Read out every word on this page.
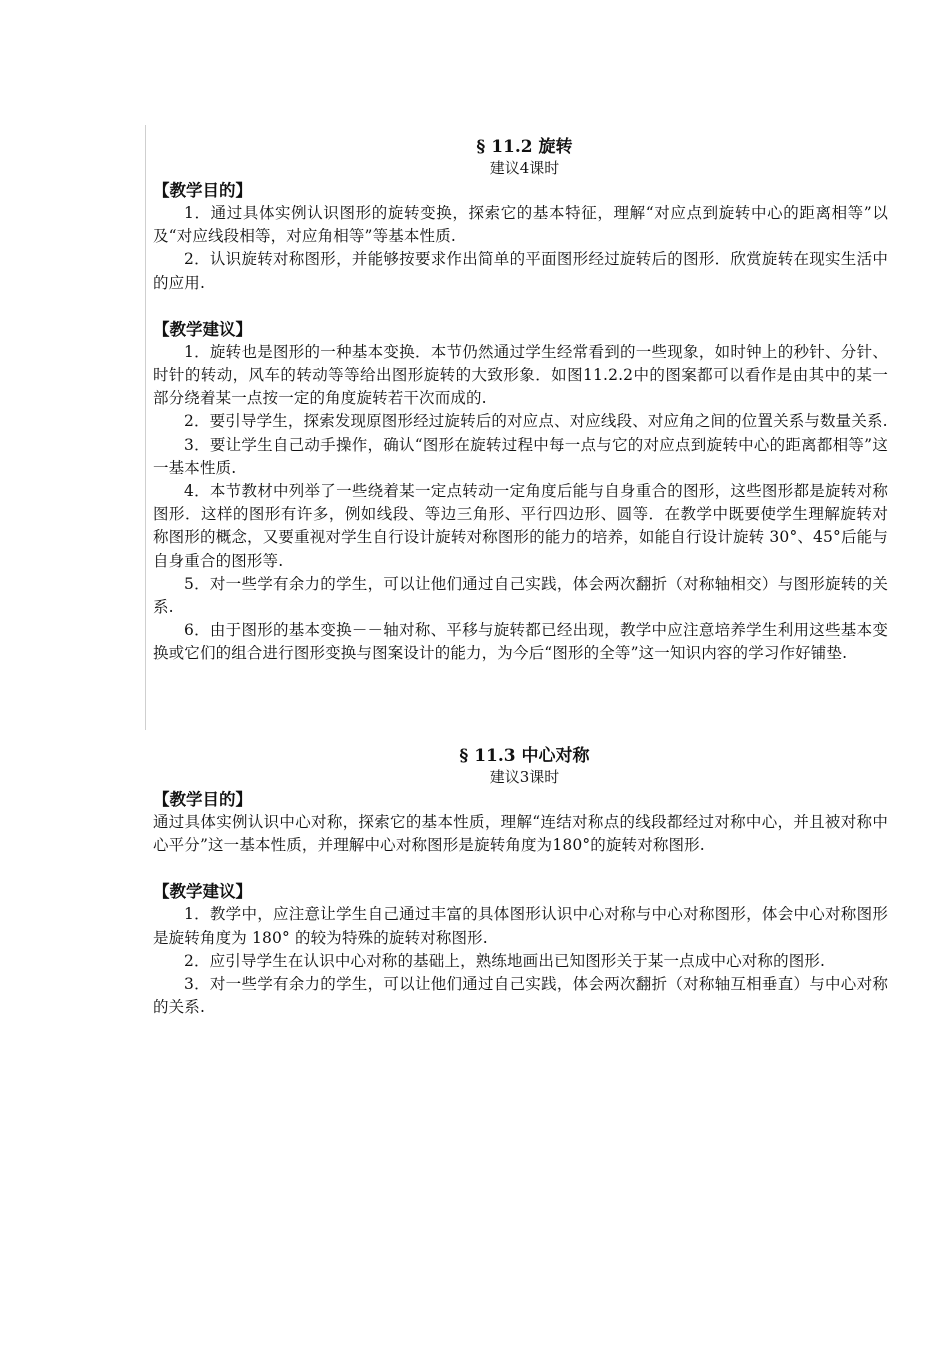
§ 11.2 旋转

建议4课时

【教学目的】

1．通过具体实例认识图形的旋转变换，探索它的基本特征，理解“对应点到旋转中心的距离相等”以及“对应线段相等，对应角相等”等基本性质.

2．认识旋转对称图形，并能够按要求作出简单的平面图形经过旋转后的图形．欣赏旋转在现实生活中的应用.

【教学建议】

1．旋转也是图形的一种基本变换．本节仍然通过学生经常看到的一些现象，如时钟上的秒针、分针、时针的转动，风车的转动等等给出图形旋转的大致形象．如图11.2.2中的图案都可以看作是由其中的某一部分绕着某一点按一定的角度旋转若干次而成的.

2．要引导学生，探索发现原图形经过旋转后的对应点、对应线段、对应角之间的位置关系与数量关系.

3．要让学生自己动手操作，确认“图形在旋转过程中每一点与它的对应点到旋转中心的距离都相等”这一基本性质.

4．本节教材中列举了一些绕着某一定点转动一定角度后能与自身重合的图形，这些图形都是旋转对称图形．这样的图形有许多，例如线段、等边三角形、平行四边形、圆等．在教学中既要使学生理解旋转对称图形的概念，又要重视对学生自行设计旋转对称图形的能力的培养，如能自行设计旋转 30°、45°后能与自身重合的图形等.

5．对一些学有余力的学生，可以让他们通过自己实践，体会两次翻折（对称轴相交）与图形旋转的关系.

6．由于图形的基本变换－－轴对称、平移与旋转都已经出现，教学中应注意培养学生利用这些基本变换或它们的组合进行图形变换与图案设计的能力，为今后“图形的全等”这一知识内容的学习作好铺垫.

§ 11.3 中心对称

建议3课时

【教学目的】

通过具体实例认识中心对称，探索它的基本性质，理解“连结对称点的线段都经过对称中心，并且被对称中心平分”这一基本性质，并理解中心对称图形是旋转角度为180°的旋转对称图形.

【教学建议】

1．教学中，应注意让学生自己通过丰富的具体图形认识中心对称与中心对称图形，体会中心对称图形是旋转角度为 180° 的较为特殊的旋转对称图形.

2．应引导学生在认识中心对称的基础上，熟练地画出已知图形关于某一点成中心对称的图形.

3．对一些学有余力的学生，可以让他们通过自己实践，体会两次翻折（对称轴互相垂直）与中心对称的关系.
